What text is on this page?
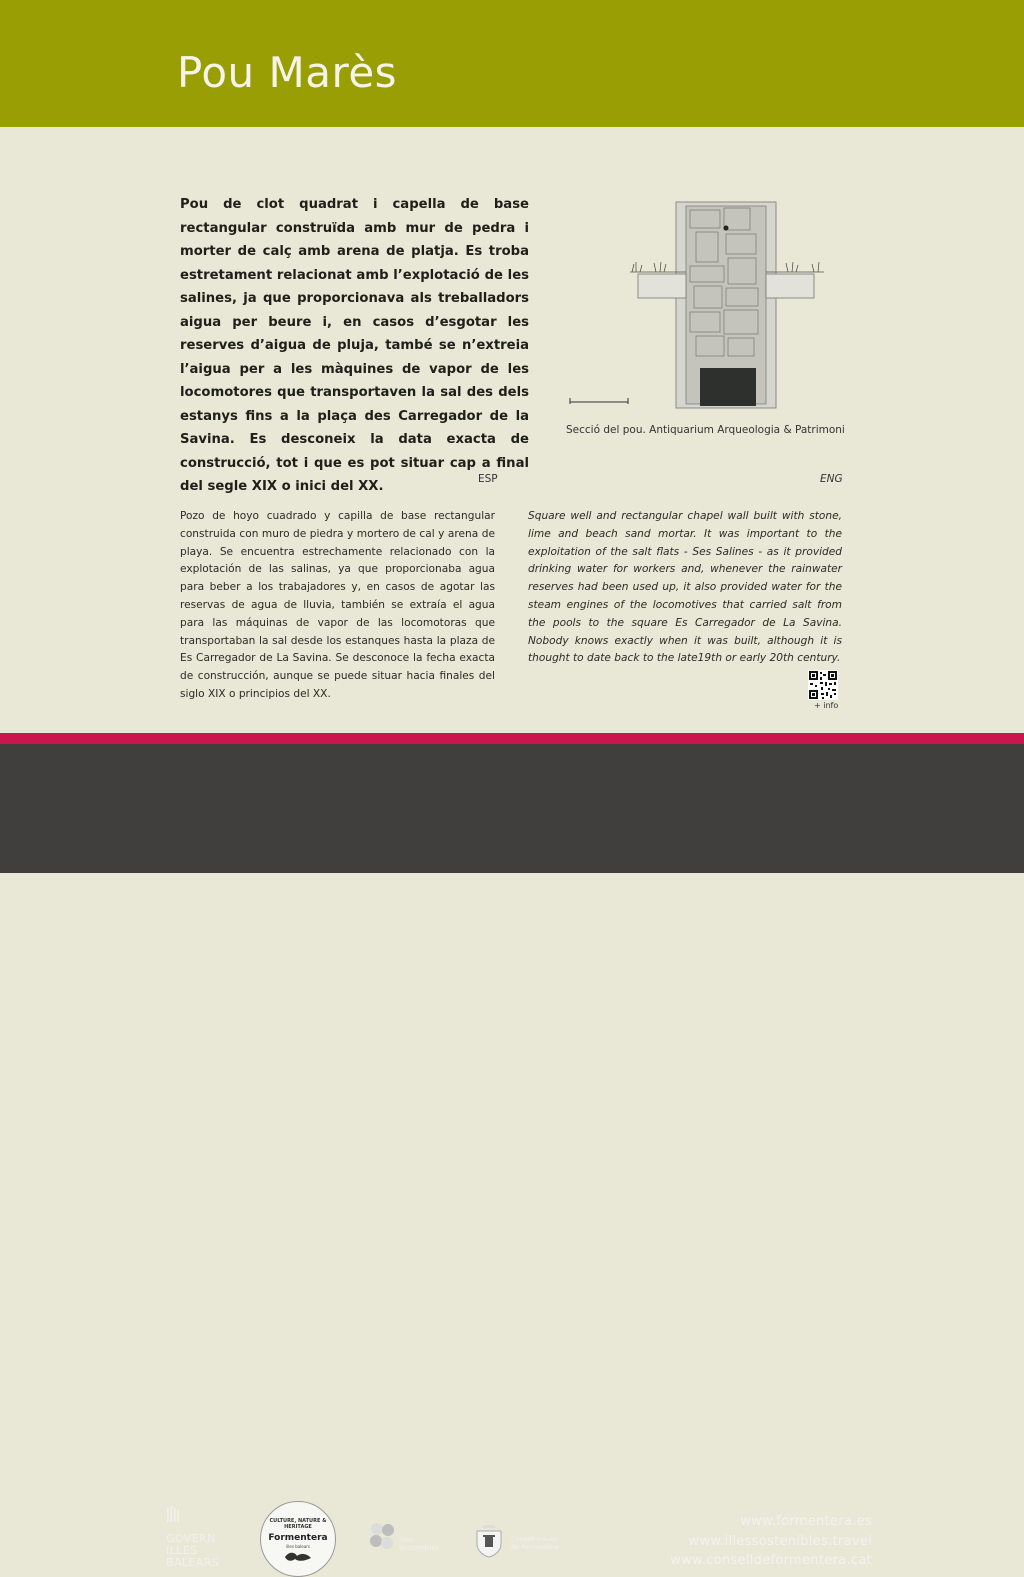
Pou Marès
Pou de clot quadrat i capella de base rectangular construïda amb mur de pedra i morter de calç amb arena de platja. Es troba estretament relacionat amb l’explotació de les salines, ja que proporcionava als treballadors aigua per beure i, en casos d’esgotar les reserves d’aigua de pluja, també se n’extreia l’aigua per a les màquines de vapor de les locomotores que transportaven la sal des dels estanys fins a la plaça des Carregador de la Savina. Es desconeix la data exacta de construcció, tot i que es pot situar cap a final del segle XIX o inici del XX.
Secció del pou. Antiquarium Arqueologia & Patrimoni
ESP	ENG
Pozo de hoyo cuadrado y capilla de base rectangular construida con muro de piedra y mortero de cal y arena de playa. Se encuentra estrechamente relacionado con la explotación de las salinas, ya que proporcionaba agua para beber a los trabajadores y, en casos de agotar las reservas de agua de lluvia, también se extraía el agua para las máquinas de vapor de las locomotoras que transportaban la sal desde los estanques hasta la plaza de Es Carregador de La Savina. Se desconoce la fecha exacta de construcción, aunque se puede situar hacia finales del siglo XIX o principios del XX.
Square well and rectangular chapel wall built with stone, lime and beach sand mortar. It was important to the exploitation of the salt flats - Ses Salines - as it provided drinking water for workers and, whenever the rainwater reserves had been used up, it also provided water for the steam engines of the locomotives that carried salt from the pools to the square Es Carregador de La Savina. Nobody knows exactly when it was built, although it is thought to date back to the late19th or early 20th century.
+ info
GOVERN
ILLES
BALEARS
CULTURE, NATURE & HERITAGE
Formentera
illes balears
Illes
Sostenibles
Consell Insular
de Formentera
www.formentera.es
www.illessostenibles.travel
www.conselldeformentera.cat
